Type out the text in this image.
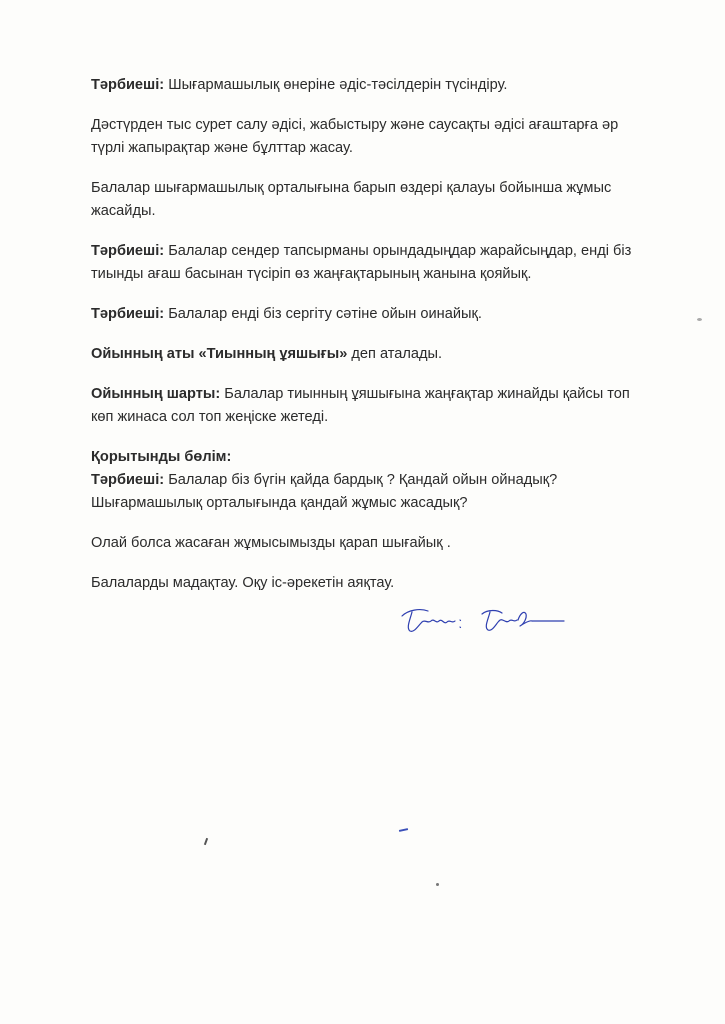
Тәрбиеші: Шығармашылық өнеріне әдіс-тәсілдерін түсіндіру.

Дәстүрден тыс сурет салу әдісі, жабыстыру және саусақты әдісі ағаштарға әр түрлі жапырақтар және бұлттар жасау.

Балалар шығармашылық орталығына барып өздері қалауы бойынша жұмыс жасайды.

Тәрбиеші: Балалар сендер тапсырманы орындадыңдар жарайсыңдар, енді біз тиынды ағаш басынан түсіріп өз жаңғақтарының жанына қояйық.

Тәрбиеші: Балалар енді біз сергіту сәтіне ойын оинайық.

Ойынның аты «Тиынның ұяшығы» деп аталады.

Ойынның шарты: Балалар тиынның ұяшығына жаңғақтар жинайды қайсы топ көп жинаса сол топ жеңіске жетеді.

Қорытынды бөлім:

Тәрбиеші: Балалар біз бүгін қайда бардық ? Қандай ойын ойнадық? Шығармашылық орталығында қандай жұмыс жасадық?

Олай болса жасаған жұмысымызды қарап шығайық .

Балаларды мадақтау. Оқу іс-әрекетін аяқтау.
